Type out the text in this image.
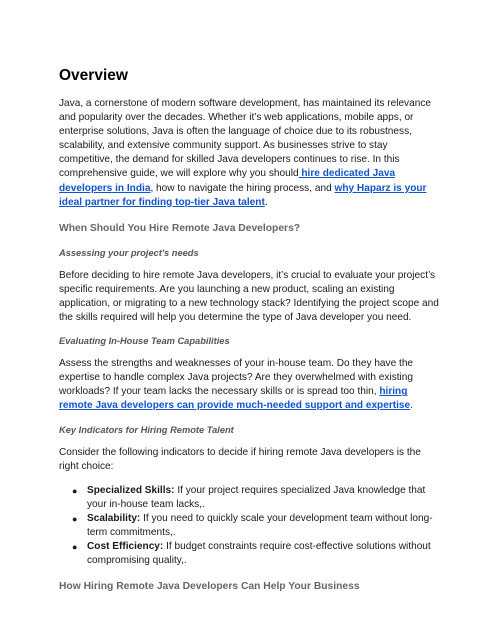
Overview

Java, a cornerstone of modern software development, has maintained its relevance and popularity over the decades. Whether it’s web applications, mobile apps, or enterprise solutions, Java is often the language of choice due to its robustness, scalability, and extensive community support. As businesses strive to stay competitive, the demand for skilled Java developers continues to rise. In this comprehensive guide, we will explore why you should hire dedicated Java developers in India, how to navigate the hiring process, and why Haparz is your ideal partner for finding top-tier Java talent.

When Should You Hire Remote Java Developers?
Assessing your project's needs

Before deciding to hire remote Java developers, it’s crucial to evaluate your project’s specific requirements. Are you launching a new product, scaling an existing application, or migrating to a new technology stack? Identifying the project scope and the skills required will help you determine the type of Java developer you need.

Evaluating In-House Team Capabilities

Assess the strengths and weaknesses of your in-house team. Do they have the expertise to handle complex Java projects? Are they overwhelmed with existing workloads? If your team lacks the necessary skills or is spread too thin, hiring remote Java developers can provide much-needed support and expertise.

Key Indicators for Hiring Remote Talent

Consider the following indicators to decide if hiring remote Java developers is the right choice:

● Specialized Skills: If your project requires specialized Java knowledge that your in-house team lacks,.
● Scalability: If you need to quickly scale your development team without long-term commitments,.
● Cost Efficiency: If budget constraints require cost-effective solutions without compromising quality,.
How Hiring Remote Java Developers Can Help Your Business
